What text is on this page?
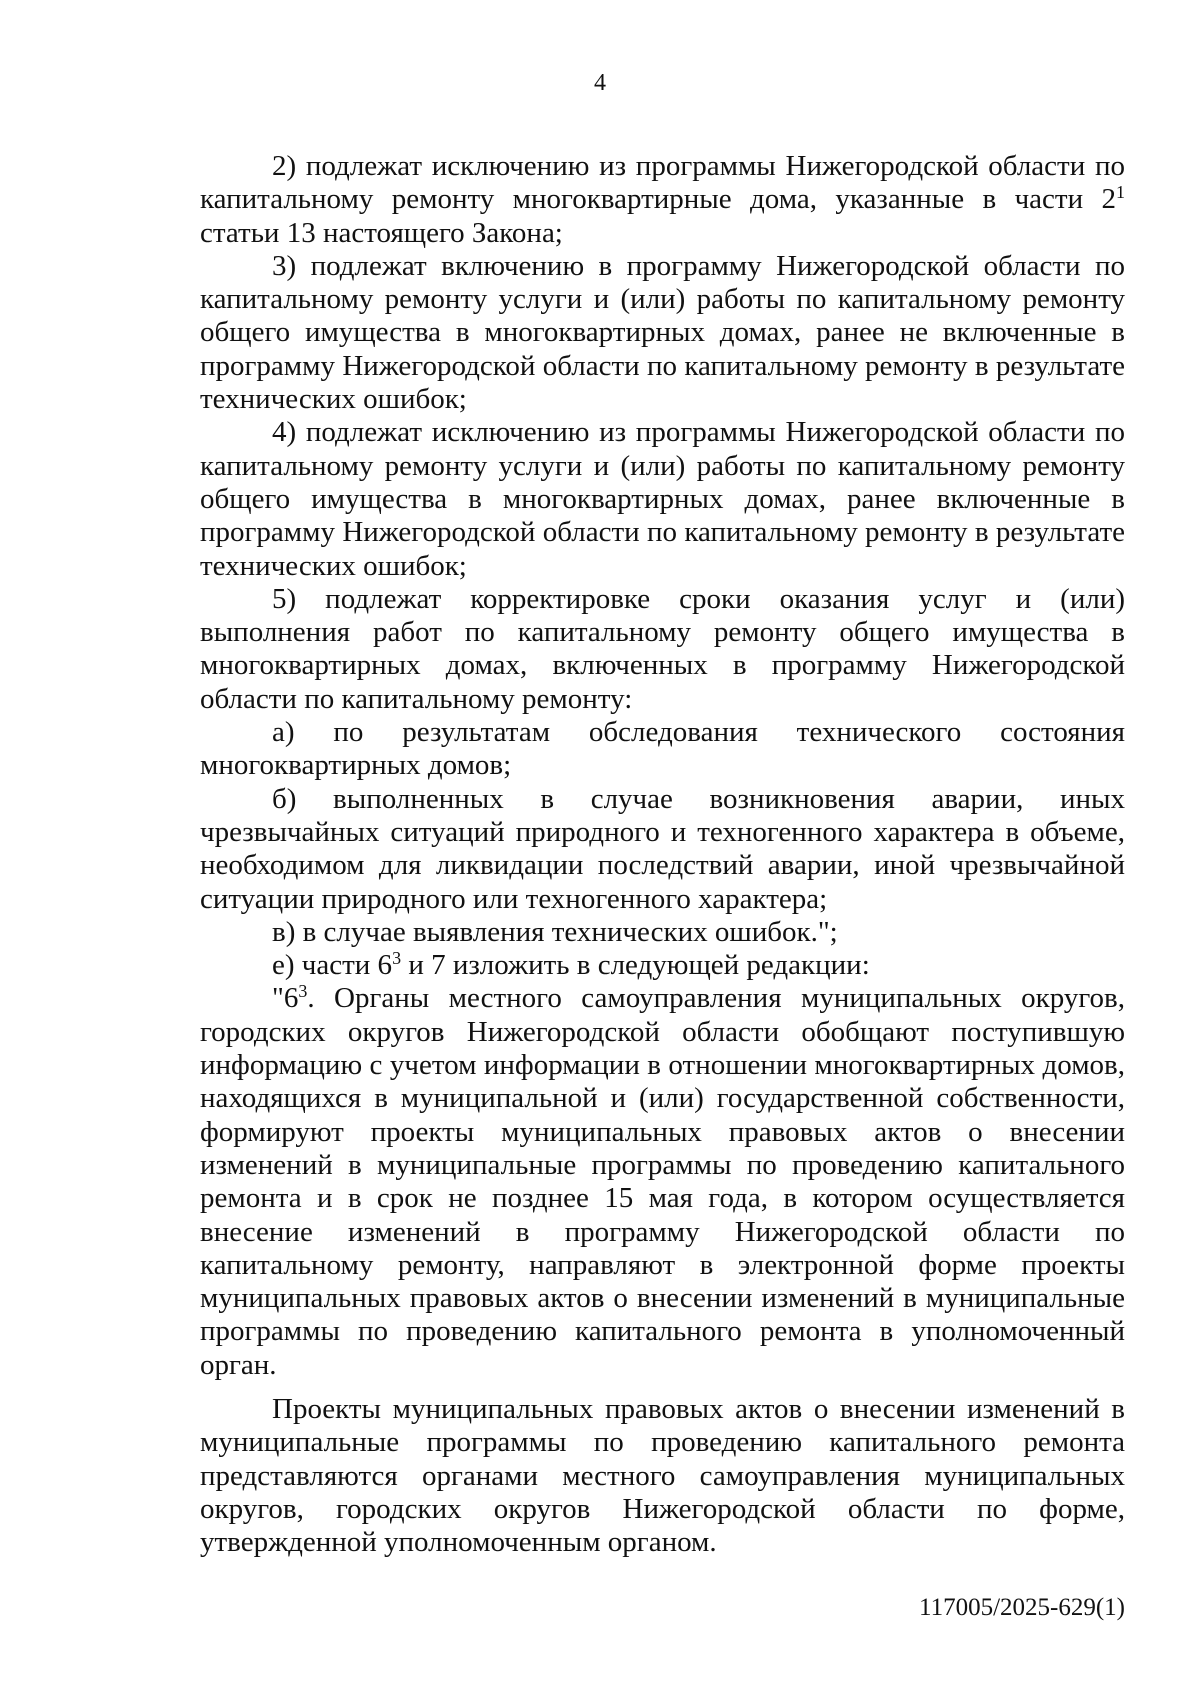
4

2) подлежат исключению из программы Нижегородской области по капитальному ремонту многоквартирные дома, указанные в части $2^1$ статьи 13 настоящего Закона;

3) подлежат включению в программу Нижегородской области по капитальному ремонту услуги и (или) работы по капитальному ремонту общего имущества в многоквартирных домах, ранее не включенные в программу Нижегородской области по капитальному ремонту в результате технических ошибок;

4) подлежат исключению из программы Нижегородской области по капитальному ремонту услуги и (или) работы по капитальному ремонту общего имущества в многоквартирных домах, ранее включенные в программу Нижегородской области по капитальному ремонту в результате технических ошибок;

5) подлежат корректировке сроки оказания услуг и (или) выполнения работ по капитальному ремонту общего имущества в многоквартирных домах, включенных в программу Нижегородской области по капитальному ремонту:

а) по результатам обследования технического состояния многоквартирных домов;

б) выполненных в случае возникновения аварии, иных чрезвычайных ситуаций природного и техногенного характера в объеме, необходимом для ликвидации последствий аварии, иной чрезвычайной ситуации природного или техногенного характера;

в) в случае выявления технических ошибок.";

е) части $6^3$ и 7 изложить в следующей редакции:

"$6^3$. Органы местного самоуправления муниципальных округов, городских округов Нижегородской области обобщают поступившую информацию с учетом информации в отношении многоквартирных домов, находящихся в муниципальной и (или) государственной собственности, формируют проекты муниципальных правовых актов о внесении изменений в муниципальные программы по проведению капитального ремонта и в срок не позднее 15 мая года, в котором осуществляется внесение изменений в программу Нижегородской области по капитальному ремонту, направляют в электронной форме проекты муниципальных правовых актов о внесении изменений в муниципальные программы по проведению капитального ремонта в уполномоченный орган.

Проекты муниципальных правовых актов о внесении изменений в муниципальные программы по проведению капитального ремонта представляются органами местного самоуправления муниципальных округов, городских округов Нижегородской области по форме, утвержденной уполномоченным органом.

117005/2025-629(1)
